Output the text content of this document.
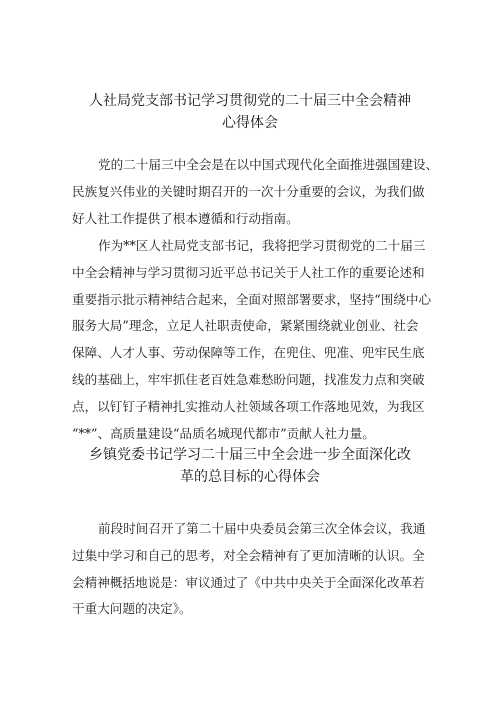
人社局党支部书记学习贯彻党的二十届三中全会精神
心得体会

党的二十届三中全会是在以中国式现代化全面推进强国建设、
民族复兴伟业的关键时期召开的一次十分重要的会议，为我们做
好人社工作提供了根本遵循和行动指南。

作为**区人社局党支部书记，我将把学习贯彻党的二十届三
中全会精神与学习贯彻习近平总书记关于人社工作的重要论述和
重要指示批示精神结合起来，全面对照部署要求，坚持“围绕中心
服务大局”理念，立足人社职责使命，紧紧围绕就业创业、社会
保障、人才人事、劳动保障等工作，在兜住、兜准、兜牢民生底
线的基础上，牢牢抓住老百姓急难愁盼问题，找准发力点和突破
点，以钉钉子精神扎实推动人社领域各项工作落地见效，为我区
“**”、高质量建设“品质名城现代都市”贡献人社力量。

乡镇党委书记学习二十届三中全会进一步全面深化改
革的总目标的心得体会

前段时间召开了第二十届中央委员会第三次全体会议，我通
过集中学习和自己的思考，对全会精神有了更加清晰的认识。全
会精神概括地说是：审议通过了《中共中央关于全面深化改革若
干重大问题的决定》。
